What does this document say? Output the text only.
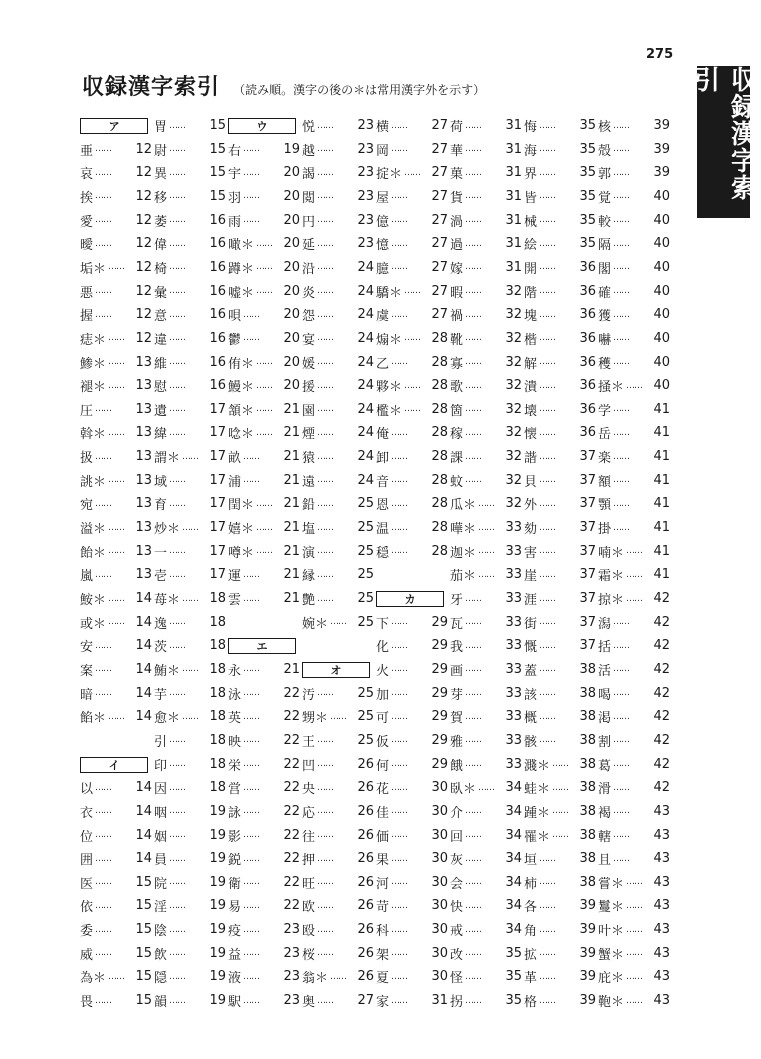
275
収録漢字索引
収録漢字索引 （読み順。漢字の後の＊は常用漢字外を示す）
ア
亜 ……	12
哀 ……	12
挨 ……	12
愛 ……	12
曖 ……	12
垢＊ …… 12
悪 ……	12
握 ……	12
痣＊ …… 12
鯵＊ …… 13
褪＊ …… 13
圧 ……	13
斡＊ …… 13
扱 ……	13
誂＊ …… 13
宛 ……	13
溢＊ …… 13
飴＊ …… 13
嵐 ……	13
鮟＊ …… 14
或＊ …… 14
安 ……	14
案 ……	14
暗 ……	14
餡＊ …… 14
イ
以 ……	14
衣 ……	14
位 ……	14
囲 ……	14
医 ……	15
依 ……	15
委 ……	15
威 ……	15
為＊ …… 15
畏 ……	15
胃 ……	15
尉 ……	15
異 ……	15
移 ……	15
萎 ……	16
偉 ……	16
椅 ……	16
彙 ……	16
意 ……	16
違 ……	16
維 ……	16
慰 ……	16
遺 ……	17
緯 ……	17
謂＊ …… 17
域 ……	17
育 ……	17
炒＊ …… 17
一 ……	17
壱 ……	17
苺＊ …… 18
逸 ……	18
茨 ……	18
鮪＊ …… 18
芋 ……	18
愈＊ …… 18
引 ……	18
印 ……	18
因 ……	18
咽 ……	19
姻 ……	19
員 ……	19
院 ……	19
淫 ……	19
陰 ……	19
飲 ……	19
隠 ……	19
韻 ……	19
ウ
右 ……	19
宇 ……	20
羽 ……	20
雨 ……	20
噉＊ …… 20
蹲＊ …… 20
嘘＊ …… 20
唄 ……	20
鬱 ……	20
侑＊ …… 20
鰻＊ …… 20
頷＊ …… 21
唸＊ …… 21
畝 ……	21
浦 ……	21
閏＊ …… 21
嬉＊ …… 21
噂＊ …… 21
運 ……	21
雲 ……	21
エ
永 ……	21
泳 ……	22
英 ……	22
映 ……	22
栄 ……	22
営 ……	22
詠 ……	22
影 ……	22
鋭 ……	22
衛 ……	22
易 ……	22
疫 ……	23
益 ……	23
液 ……	23
駅 ……	23
悦 ……	23
越 ……	23
謁 ……	23
閲 ……	23
円 ……	23
延 ……	23
沿 ……	24
炎 ……	24
怨 ……	24
宴 ……	24
媛 ……	24
援 ……	24
園 ……	24
煙 ……	24
猿 ……	24
遠 ……	24
鉛 ……	25
塩 ……	25
演 ……	25
縁 ……	25
艶 ……	25
婉＊ …… 25
オ
汚 ……	25
甥＊ …… 25
王 ……	25
凹 ……	26
央 ……	26
応 ……	26
往 ……	26
押 ……	26
旺 ……	26
欧 ……	26
殴 ……	26
桜 ……	26
翁＊ …… 26
奥 ……	27
横 ……	27
岡 ……	27
掟＊ …… 27
屋 ……	27
億 ……	27
憶 ……	27
臆 ……	27
驕＊ …… 27
虞 ……	27
煽＊ …… 28
乙 ……	28
夥＊ …… 28
檻＊ …… 28
俺 ……	28
卸 ……	28
音 ……	28
恩 ……	28
温 ……	28
穏 ……	28
カ
下 ……	29
化 ……	29
火 ……	29
加 ……	29
可 ……	29
仮 ……	29
何 ……	29
花 ……	30
佳 ……	30
価 ……	30
果 ……	30
河 ……	30
苛 ……	30
科 ……	30
架 ……	30
夏 ……	30
家 ……	31
荷 ……	31
華 ……	31
菓 ……	31
貨 ……	31
渦 ……	31
過 ……	31
嫁 ……	31
暇 ……	32
禍 ……	32
靴 ……	32
寡 ……	32
歌 ……	32
箇 ……	32
稼 ……	32
課 ……	32
蚊 ……	32
瓜＊ …… 32
嘩＊ …… 33
迦＊ …… 33
茄＊ …… 33
牙 ……	33
瓦 ……	33
我 ……	33
画 ……	33
芽 ……	33
賀 ……	33
雅 ……	33
餓 ……	33
臥＊ …… 34
介 ……	34
回 ……	34
灰 ……	34
会 ……	34
快 ……	34
戒 ……	34
改 ……	35
怪 ……	35
拐 ……	35
悔 ……	35
海 ……	35
界 ……	35
皆 ……	35
械 ……	35
絵 ……	35
開 ……	36
階 ……	36
塊 ……	36
楷 ……	36
解 ……	36
潰 ……	36
壊 ……	36
懐 ……	36
諧 ……	37
貝 ……	37
外 ……	37
劾 ……	37
害 ……	37
崖 ……	37
涯 ……	37
街 ……	37
慨 ……	37
蓋 ……	38
該 ……	38
概 ……	38
骸 ……	38
濺＊ …… 38
蛙＊ …… 38
踵＊ …… 38
罹＊ …… 38
垣 ……	38
柿 ……	38
各 ……	39
角 ……	39
拡 ……	39
革 ……	39
格 ……	39
核 ……	39
殻 ……	39
郭 ……	39
覚 ……	40
較 ……	40
隔 ……	40
閣 ……	40
確 ……	40
獲 ……	40
嚇 ……	40
穫 ……	40
掻＊ …… 40
学 ……	41
岳 ……	41
楽 ……	41
額 ……	41
顎 ……	41
掛 ……	41
喃＊ …… 41
霜＊ …… 41
掠＊ …… 42
潟 ……	42
括 ……	42
活 ……	42
喝 ……	42
渇 ……	42
割 ……	42
葛 ……	42
滑 ……	42
褐 ……	43
轄 ……	43
且 ……	43
嘗＊ …… 43
鬘＊ …… 43
叶＊ …… 43
蟹＊ …… 43
庇＊ …… 43
鞄＊ …… 43
